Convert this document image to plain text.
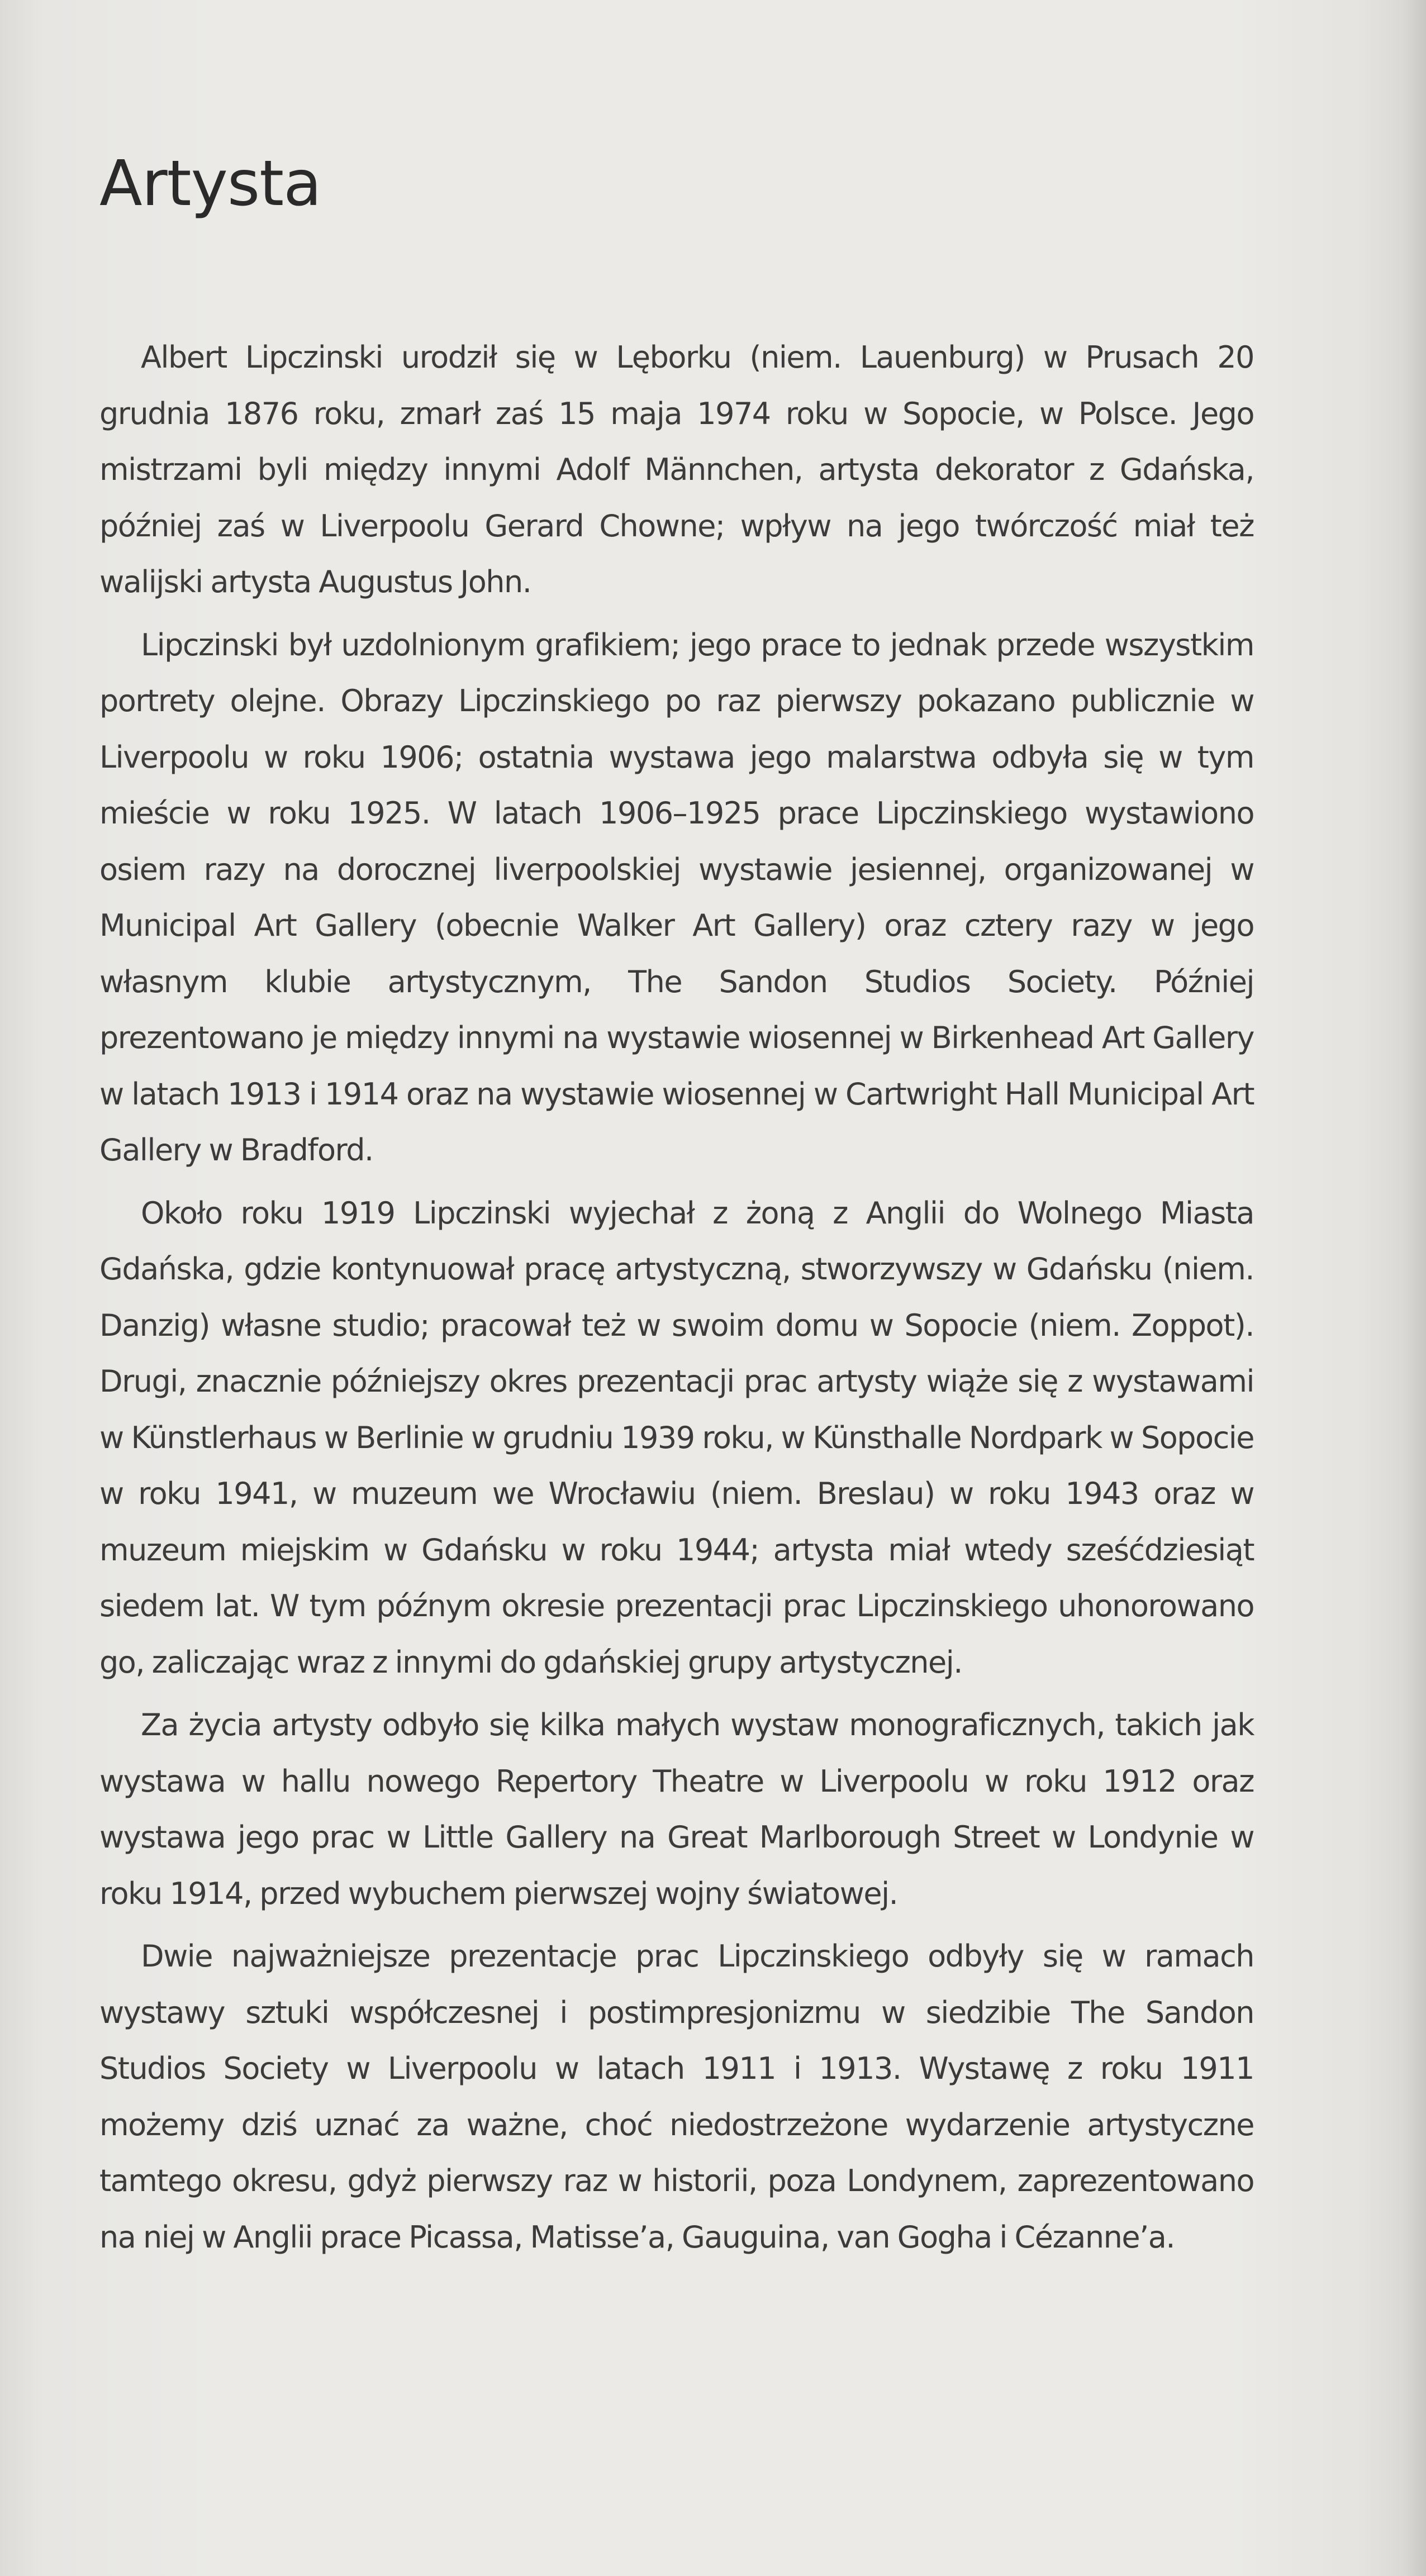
Artysta

Albert Lipczinski urodził się w Lęborku (niem. Lauenburg) w Prusach 20 grudnia 1876 roku, zmarł zaś 15 maja 1974 roku w Sopocie, w Polsce. Jego mistrzami byli między innymi Adolf Männchen, artysta dekorator z Gdańska, później zaś w Liverpoolu Gerard Chowne; wpływ na jego twórczość miał też walijski artysta Augustus John.

Lipczinski był uzdolnionym grafikiem; jego prace to jednak przede wszystkim portrety olejne. Obrazy Lipczinskiego po raz pierwszy pokazano publicznie w Liverpoolu w roku 1906; ostatnia wystawa jego malarstwa odbyła się w tym mieście w roku 1925. W latach 1906–1925 prace Lipczinskiego wystawiono osiem razy na dorocznej liverpoolskiej wystawie jesiennej, organizowanej w Municipal Art Gallery (obecnie Walker Art Gallery) oraz cztery razy w jego własnym klubie artystycznym, The Sandon Studios Society. Później prezentowano je między innymi na wystawie wiosennej w Birkenhead Art Gallery w latach 1913 i 1914 oraz na wystawie wiosennej w Cartwright Hall Municipal Art Gallery w Bradford.

Około roku 1919 Lipczinski wyjechał z żoną z Anglii do Wolnego Miasta Gdańska, gdzie kontynuował pracę artystyczną, stworzywszy w Gdańsku (niem. Danzig) własne studio; pracował też w swoim domu w Sopocie (niem. Zoppot). Drugi, znacznie późniejszy okres prezentacji prac artysty wiąże się z wystawami w Künstlerhaus w Berlinie w grudniu 1939 roku, w Künsthalle Nordpark w Sopocie w roku 1941, w muzeum we Wrocławiu (niem. Breslau) w roku 1943 oraz w muzeum miejskim w Gdańsku w roku 1944; artysta miał wtedy sześćdziesiąt siedem lat. W tym późnym okresie prezentacji prac Lipczinskiego uhonorowano go, zaliczając wraz z innymi do gdańskiej grupy artystycznej.

Za życia artysty odbyło się kilka małych wystaw monograficznych, takich jak wystawa w hallu nowego Repertory Theatre w Liverpoolu w roku 1912 oraz wystawa jego prac w Little Gallery na Great Marlborough Street w Londynie w roku 1914, przed wybuchem pierwszej wojny światowej.

Dwie najważniejsze prezentacje prac Lipczinskiego odbyły się w ramach wystawy sztuki współczesnej i postimpresjonizmu w siedzibie The Sandon Studios Society w Liverpoolu w latach 1911 i 1913. Wystawę z roku 1911 możemy dziś uznać za ważne, choć niedostrzeżone wydarzenie artystyczne tamtego okresu, gdyż pierwszy raz w historii, poza Londynem, zaprezentowano na niej w Anglii prace Picassa, Matisse’a, Gauguina, van Gogha i Cézanne’a.
